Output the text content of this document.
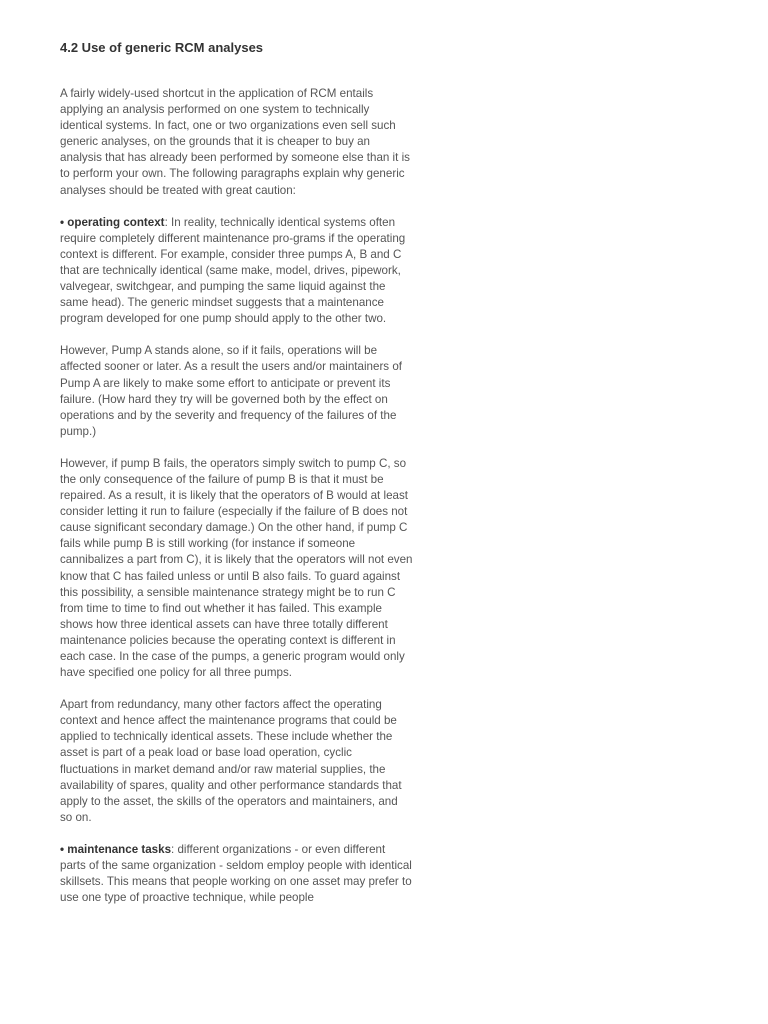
4.2 Use of generic RCM analyses

A fairly widely-used shortcut in the application of RCM entails applying an analysis performed on one system to technically identical systems. In fact, one or two organizations even sell such generic analyses, on the grounds that it is cheaper to buy an analysis that has already been performed by someone else than it is to perform your own. The following paragraphs explain why generic analyses should be treated with great caution:

• operating context: In reality, technically identical systems often require completely different maintenance pro-grams if the operating context is different. For example, consider three pumps A, B and C that are technically identical (same make, model, drives, pipework, valvegear, switchgear, and pumping the same liquid against the same head). The generic mindset suggests that a maintenance program developed for one pump should apply to the other two.

However, Pump A stands alone, so if it fails, operations will be affected sooner or later. As a result the users and/or maintainers of Pump A are likely to make some effort to anticipate or prevent its failure. (How hard they try will be governed both by the effect on operations and by the severity and frequency of the failures of the pump.)

However, if pump B fails, the operators simply switch to pump C, so the only consequence of the failure of pump B is that it must be repaired. As a result, it is likely that the operators of B would at least consider letting it run to failure (especially if the failure of B does not cause significant secondary damage.) On the other hand, if pump C fails while pump B is still working (for instance if someone cannibalizes a part from C), it is likely that the operators will not even know that C has failed unless or until B also fails. To guard against this possibility, a sensible maintenance strategy might be to run C from time to time to find out whether it has failed. This example shows how three identical assets can have three totally different maintenance policies because the operating context is different in each case. In the case of the pumps, a generic program would only have specified one policy for all three pumps.

Apart from redundancy, many other factors affect the operating context and hence affect the maintenance programs that could be applied to technically identical assets. These include whether the asset is part of a peak load or base load operation, cyclic fluctuations in market demand and/or raw material supplies, the availability of spares, quality and other performance standards that apply to the asset, the skills of the operators and maintainers, and so on.

• maintenance tasks: different organizations - or even different parts of the same organization - seldom employ people with identical skillsets. This means that people working on one asset may prefer to use one type of proactive technique, while people
